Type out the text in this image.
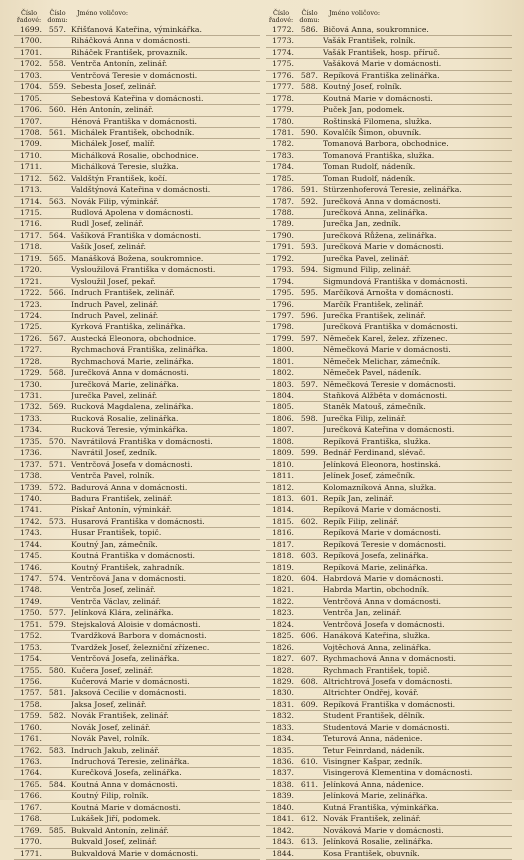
Číslo řadové:
Číslo domu:
Jméno voličovo:
1699. 557. Křišťanová Kateřina, výminkářka.
1700.	Riháčková Anna v domácnosti.
1701.	Riháček František, provazník.
1702. 558. Ventrča Antonín, zelinář.
1703.	Ventrčová Teresie v domácnosti.
1704. 559. Sebesta Josef, zelinář.
1705.	Sebestová Kateřina v domácnosti.
1706. 560. Hén Antonín, zelinář.
1707.	Hénová Františka v domácnosti.
1708. 561. Michálek František, obchodník.
1709.	Michálek Josef, malíř.
1710.	Michálková Rosalie, obchodnice.
1711.	Michálková Teresie, služka.
1712. 562. Valdštýn František, kočí.
1713.	Valdštýnová Kateřina v domácnosti.
1714. 563. Novák Filip, výminkář.
1715.	Rudlová Apolena v domácnosti.
1716.	Rudl Josef, zelinář.
1717. 564. Vašíková Františka v domácnosti.
1718.	Vašík Josef, zelinář.
1719. 565. Manášková Božena, soukromnice.
1720.	Vysloužilová Františka v domácnosti.
1721.	Vysloužil Josef, pekař.
1722. 566. Indruch František, zelinář.
1723.	Indruch Pavel, zelinář.
1724.	Indruch Pavel, zelinář.
1725.	Kyrková Františka, zelinářka.
1726. 567. Austecká Eleonora, obchodnice.
1727.	Rychmachová Františka, zelinářka.
1728.	Rychmachová Marie, zelinářka.
1729. 568. Jurečková Anna v domácnosti.
1730.	Jurečková Marie, zelinářka.
1731.	Jurečka Pavel, zelinář.
1732. 569. Rucková Magdalena, zelinářka.
1733.	Rucková Rosalie, zelinářka.
1734.	Rucková Teresie, výminkářka.
1735. 570. Navrátilová Františka v domácnosti.
1736.	Navrátil Josef, zedník.
1737. 571. Ventrčová Josefa v domácnosti.
1738.	Ventrča Pavel, rolník.
1739. 572. Badurová Anna v domácnosti.
1740.	Badura František, zelinář.
1741.	Pískař Antonín, výminkář.
1742. 573. Husarová Františka v domácnosti.
1743.	Husar František, topič.
1744.	Koutný Jan, zámečník.
1745.	Koutná Františka v domácnosti.
1746.	Koutný František, zahradník.
1747. 574. Ventrčová Jana v domácnosti.
1748.	Ventrča Josef, zelinář.
1749.	Ventrča Václav, zelinář.
1750. 577. Jelínková Klára, zelinářka.
1751. 579. Stejskalová Aloisie v domácnosti.
1752.	Tvardžková Barbora v domácnosti.
1753.	Tvardžek Josef, železniční zřízenec.
1754.	Ventrčová Josefa, zelinářka.
1755. 580. Kučera Josef, zelinář.
1756.	Kučerová Marie v domácnosti.
1757. 581. Jaksová Cecilie v domácnosti.
1758.	Jaksa Josef, zelinář.
1759. 582. Novák František, zelinář.
1760.	Novák Josef, zelinář.
1761.	Novák Pavel, rolník.
1762. 583. Indruch Jakub, zelinář.
1763.	Indruchová Teresie, zelinářka.
1764.	Kurečková Josefa, zelinářka.
1765. 584. Koutná Anna v domácnosti.
1766.	Koutný Filip, rolník.
1767.	Koutná Marie v domácnosti.
1768.	Lukášek Jiří, podomek.
1769. 585. Bukvald Antonín, zelinář.
1770.	Bukvald Josef, zelinář.
1771.	Bukvaldová Marie v domácnosti.
Číslo řadové:
Číslo domu:
Jméno voličovo:
1772. 586. Bičová Anna, soukromnice.
1773.	Vašák František, rolník.
1774.	Vašák František, hosp. příruč.
1775.	Vašáková Marie v domácnosti.
1776. 587. Repíková Františka zelinářka.
1777. 588. Koutný Josef, rolník.
1778.	Koutná Marie v domácnosti.
1779.	Puček Jan, podomek.
1780.	Roštinská Filomena, služka.
1781. 590. Kovalčík Šimon, obuvník.
1782.	Tomanová Barbora, obchodnice.
1783.	Tomanová Františka, služka.
1784.	Toman Rudolf, nádeník.
1785.	Toman Rudolf, nádeník.
1786. 591. Stürzenhoferová Teresie, zelinářka.
1787. 592. Jurečková Anna v domácnosti.
1788.	Jurečková Anna, zelinářka.
1789.	Jurečka Jan, zedník.
1790.	Jurečková Růžena, zelinářka.
1791. 593. Jurečková Marie v domácnosti.
1792.	Jurečka Pavel, zelinář.
1793. 594. Sigmund Filip, zelinář.
1794.	Sigmundová Františka v domácnosti.
1795. 595. Marčíková Arnošta v domácnosti.
1796.	Marčík František, zelinář.
1797. 596. Jurečka František, zelinář.
1798.	Jurečková Františka v domácnosti.
1799. 597. Němeček Karel, želez. zřízenec.
1800.	Němečková Marie v domácnosti.
1801.	Němeček Melichar, zámečník.
1802.	Němeček Pavel, nádeník.
1803. 597. Němečková Teresie v domácnosti.
1804.	Staňková Alžběta v domácnosti.
1805.	Staněk Matouš, zámečník.
1806. 598. Jurečka Filip, zelinář.
1807.	Jurečková Kateřina v domácnosti.
1808.	Repíková Františka, služka.
1809. 599. Bednář Ferdinand, slévač.
1810.	Jelínková Eleonora, hostinská.
1811.	Jelínek Josef, zámečník.
1812.	Kolomazníková Anna, služka.
1813. 601. Repík Jan, zelinář.
1814.	Repíková Marie v domácnosti.
1815. 602. Repík Filip, zelinář.
1816.	Repíková Marie v domácnosti.
1817.	Repíková Teresie v domácnosti.
1818. 603. Repíková Josefa, zelinářka.
1819.	Repíková Marie, zelinářka.
1820. 604. Habrdová Marie v domácnosti.
1821.	Habrda Martin, obchodník.
1822.	Ventrčová Anna v domácnosti.
1823.	Ventrča Jan, zelinář.
1824.	Ventrčová Josefa v domácnosti.
1825. 606. Hanáková Kateřina, služka.
1826.	Vojtěchová Anna, zelinářka.
1827. 607. Rychmachová Anna v domácnosti.
1828.	Rychmach František, topič.
1829. 608. Altrichtrová Josefa v domácnosti.
1830.	Altrichter Ondřej, kovář.
1831. 609. Repíková Františka v domácnosti.
1832.	Student František, dělník.
1833.	Studentová Marie v domácnosti.
1834.	Teturová Anna, nádenice.
1835.	Tetur Feinrdand, nádeník.
1836. 610. Visingner Kašpar, zedník.
1837.	Visingerová Klementina v domácnosti.
1838. 611. Jelínková Anna, nádenice.
1839.	Jelínková Marie, zelinářka.
1840.	Kutná Františka, výminkářka.
1841. 612. Novák František, zelinář.
1842.	Nováková Marie v domácnosti.
1843. 613. Jelínková Rosalie, zelinářka.
1844.	Kosa František, obuvník.
